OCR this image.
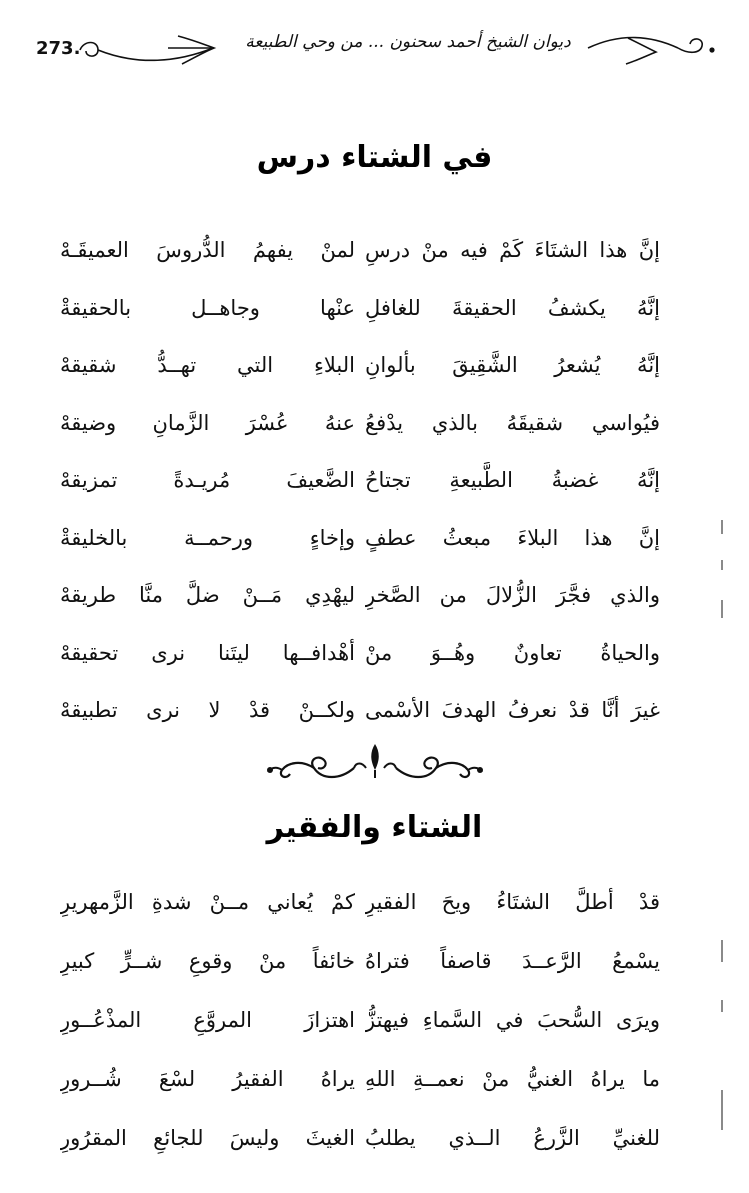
273.	ديوان الشيخ أحمد سحنون ... من وحي الطبيعة
في الشتاء درس
إنَّ هذا الشتَاءَ كَمْ فيه منْ درسِ
لمنْ يفهمُ الدُّروسَ العميقَـهْ
إنَّهُ يكشفُ الحقيقةَ للغافلِ
عنْها وجاهــل بالحقيقةْ
إنَّهُ يُشعرُ الشَّقِيقَ بألوانِ
البلاءِ التي تهــدُّ شقيقهْ
فيُواسي شقيقَهُ بالذي يدْفعُ
عنهُ عُسْرَ الزَّمانِ وضيقهْ
إنَّهُ غضبةُ الطَّبيعةِ تجتاحُ
الضَّعيفَ مُريـدةً تمزيقهْ
إنَّ هذا البلاءَ مبعثُ عطفٍ
وإخاءٍ ورحمــة بالخليقةْ
والذي فجَّرَ الزُّلالَ من الصَّخرِ
ليهْدِي مَــنْ ضلَّ منَّا طريقهْ
والحياةُ تعاونٌ وهُــوَ منْ
أهْدافــها ليتَنا نرى تحقيقهْ
غيرَ أنَّا قدْ نعرفُ الهدفَ الأسْمى
ولكــنْ قدْ لا نرى تطبيقهْ
الشتاء والفقير
قدْ أطلَّ الشتَاءُ ويحَ الفقيرِ
كمْ يُعاني مــنْ شدةِ الزَّمهريرِ
يسْمعُ الرَّعــدَ قاصفاً فتراهُ
خائفاً منْ وقوعِ شــرٍّ كبيرِ
ويرَى السُّحبَ في السَّماءِ فيهتزُّ
اهتزازَ المروَّعِ المذْعُــورِ
ما يراهُ الغنيُّ منْ نعمــةِ اللهِ
يراهُ الفقيرُ لسْعَ شُــرورِ
للغنيِّ الزَّرعُ الــذي يطلبُ
الغيثَ وليسَ للجائعِ المقرُورِ
